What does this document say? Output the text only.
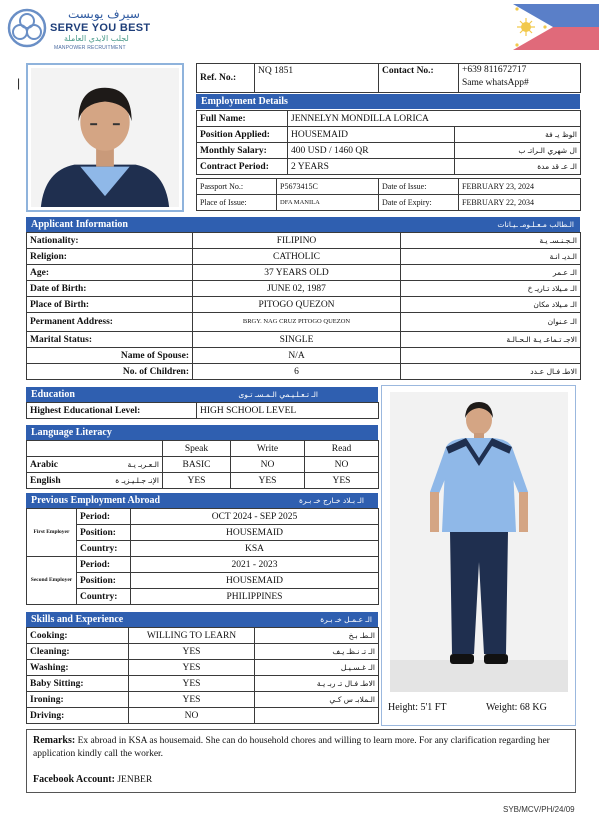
سيرف يوبست
SERVE YOU BEST
لجلب الايدي العاملة
MANPOWER RECRUITMENT
|	Ref. No.:	NQ 1851	Contact No.:	+639 811672717
Same whatsApp#
Employment Details
Full Name:	JENNELYN MONDILLA LORICA	
Position Applied:	HOUSEMAID	الوظ يـ فة
Monthly Salary:	400 USD / 1460 QR	ال شهري الـراتـ ب
Contract Period:	2 YEARS	الـ عـ قد مدة
Passport No.:	P5673415C	Date of Issue:	FEBRUARY 23, 2024
Place of Issue:	DFA MANILA	Date of Expiry:	FEBRUARY 22, 2034
Applicant Information	الـطالب مـعـلـومـ ـيـانات
Nationality:	FILIPINO	الـجـنـسـ يـة
Religion:	CATHOLIC	الـديـ انـة
Age:	37 YEARS OLD	الـ عـمر
Date of Birth:	JUNE 02, 1987	الـ مـيلاد تـاريـ خ
Place of Birth:	PITOGO QUEZON	الـ مـيلاد مكان
Permanent Address:	BRGY. NAG CRUZ PITOGO QUEZON	الـ عـنوان
Marital Status:	SINGLE	الاجـ تـماعـ يـة الـحـالـة
Name of Spouse:	N/A	
No. of Children:	6	الاطـ فـال عـدد
Education	الـ تـعـلـيـمي الـمـسـ تـوى
Highest Educational Level:	HIGH SCHOOL LEVEL
Language Literacy
	Speak	Write	Read
Arabic الـعـربـ يـة	BASIC	NO	NO
English الإنـ جـلـيـزيـ ة	YES	YES	YES
Previous Employment Abroad	الـ بـلاد خـارج خـ بـرة
First Employer	Period:	OCT 2024 - SEP 2025
	Position:	HOUSEMAID
	Country:	KSA
Second Employer	Period:	2021 - 2023
	Position:	HOUSEMAID
	Country:	PHILIPPINES
Skills and Experience	الـ عـمـل خـ بـرة
Cooking:	WILLING TO LEARN	الـطـ بـخ
Cleaning:	YES	الـ تـ نـظـ يـف
Washing:	YES	الـ غـسـيـل
Baby Sitting:	YES	الاطـ فـال تـ ربـ يـة
Ironing:	YES	الـملابـ س كـي
Driving:	NO	
Height: 5'1 FT	Weight: 68 KG
Remarks: Ex abroad in KSA as housemaid. She can do household chores and willing to learn more. For any clarification regarding her application kindly call the worker.
Facebook Account: JENBER
SYB/MCV/PH/24/09
